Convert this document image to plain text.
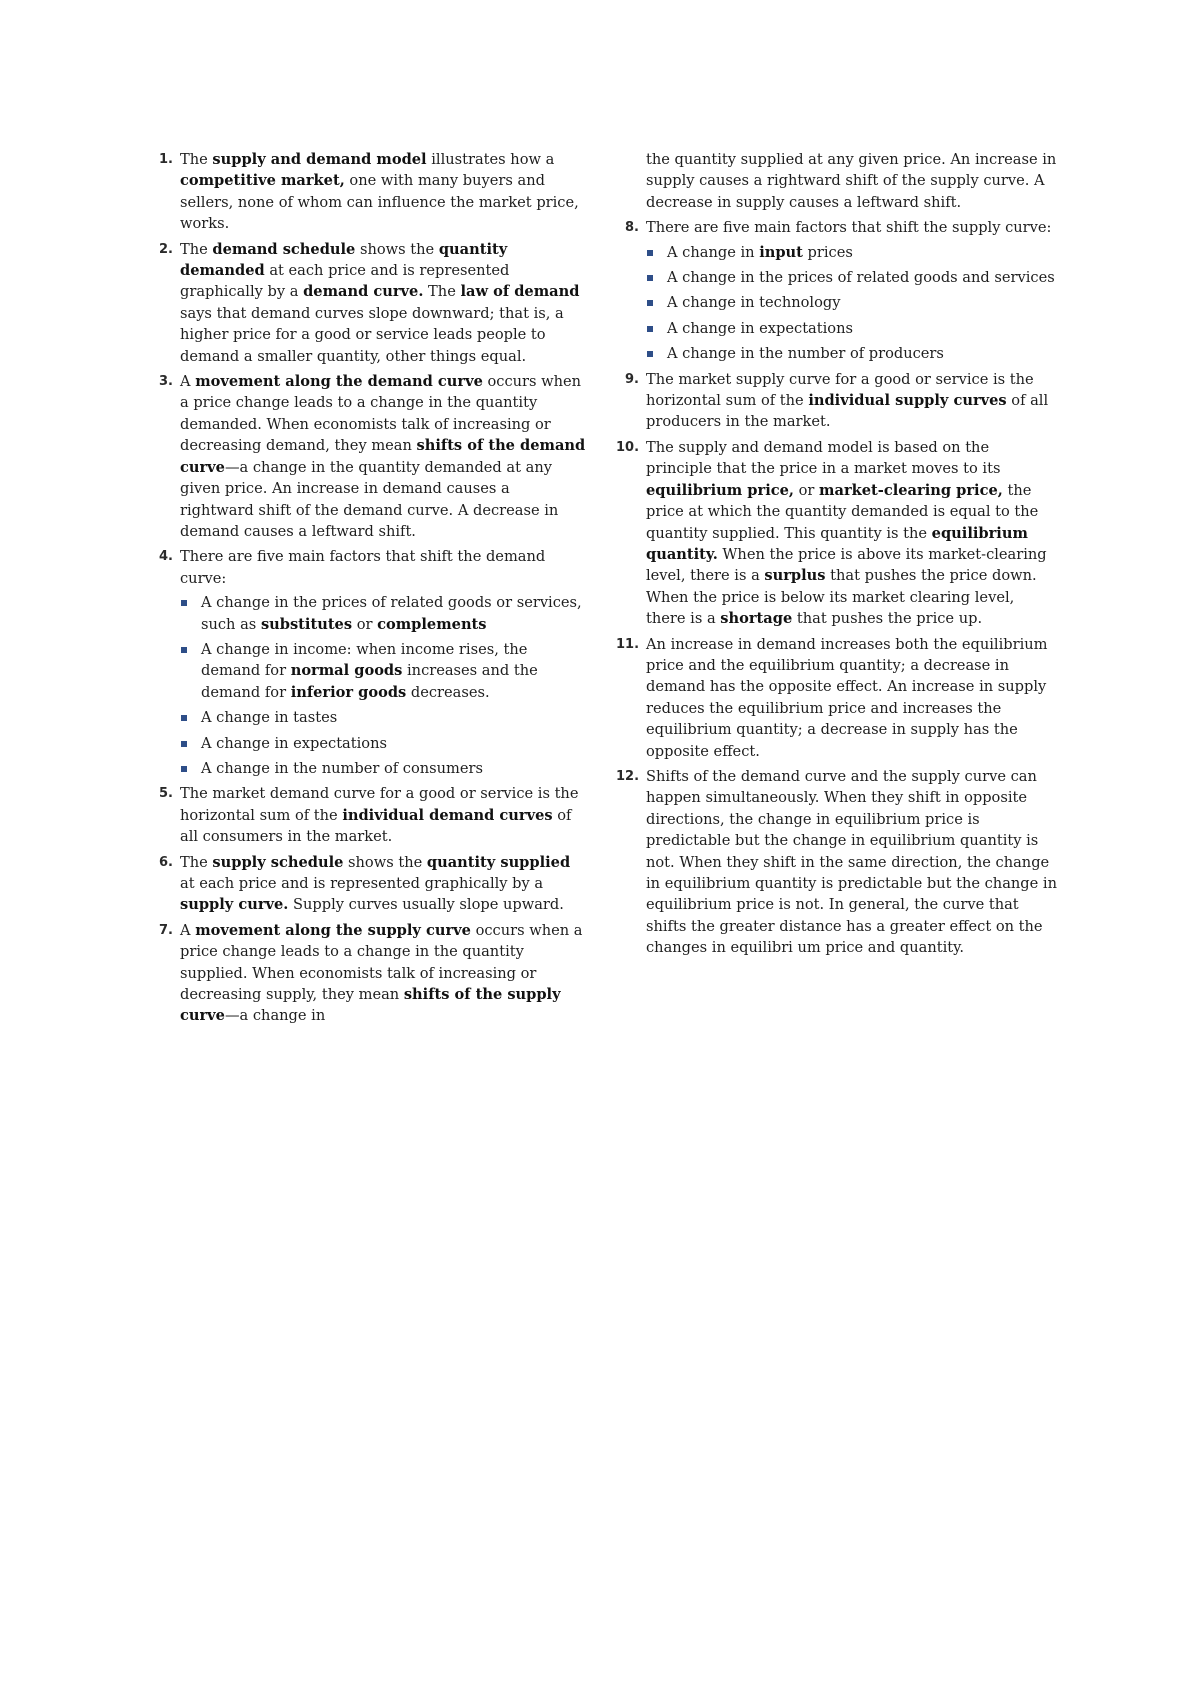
1. The supply and demand model illustrates how a competitive market, one with many buyers and sellers, none of whom can influence the market price, works.

2. The demand schedule shows the quantity demanded at each price and is represented graphically by a demand curve. The law of demand says that demand curves slope downward; that is, a higher price for a good or service leads people to demand a smaller quantity, other things equal.

3. A movement along the demand curve occurs when a price change leads to a change in the quantity demanded. When economists talk of increasing or decreasing demand, they mean shifts of the demand curve—a change in the quantity demanded at any given price. An increase in demand causes a rightward shift of the demand curve. A decrease in demand causes a leftward shift.

4. There are five main factors that shift the demand curve:

A change in the prices of related goods or services, such as substitutes or complements
A change in income: when income rises, the demand for normal goods increases and the demand for inferior goods decreases.
A change in tastes
A change in expectations
A change in the number of consumers
5. The market demand curve for a good or service is the horizontal sum of the individual demand curves of all consumers in the market.

6. The supply schedule shows the quantity supplied at each price and is represented graphically by a supply curve. Supply curves usually slope upward.

7. A movement along the supply curve occurs when a price change leads to a change in the quantity supplied. When economists talk of increasing or decreasing supply, they mean shifts of the supply curve—a change in

the quantity supplied at any given price. An increase in supply causes a rightward shift of the supply curve. A decrease in supply causes a leftward shift.

8. There are five main factors that shift the supply curve:

A change in input prices
A change in the prices of related goods and services
A change in technology
A change in expectations
A change in the number of producers
9. The market supply curve for a good or service is the horizontal sum of the individual supply curves of all producers in the market.

10. The supply and demand model is based on the principle that the price in a market moves to its equilibrium price, or market-clearing price, the price at which the quantity demanded is equal to the quantity supplied. This quantity is the equilibrium quantity. When the price is above its market-clearing level, there is a surplus that pushes the price down. When the price is below its market clearing level, there is a shortage that pushes the price up.

11. An increase in demand increases both the equilibrium price and the equilibrium quantity; a decrease in demand has the opposite effect. An increase in supply reduces the equilibrium price and increases the equilibrium quantity; a decrease in supply has the opposite effect.

12. Shifts of the demand curve and the supply curve can happen simultaneously. When they shift in opposite directions, the change in equilibrium price is predictable but the change in equilibrium quantity is not. When they shift in the same direction, the change in equilibrium quantity is predictable but the change in equilibrium price is not. In general, the curve that shifts the greater distance has a greater effect on the changes in equilibri um price and quantity.
